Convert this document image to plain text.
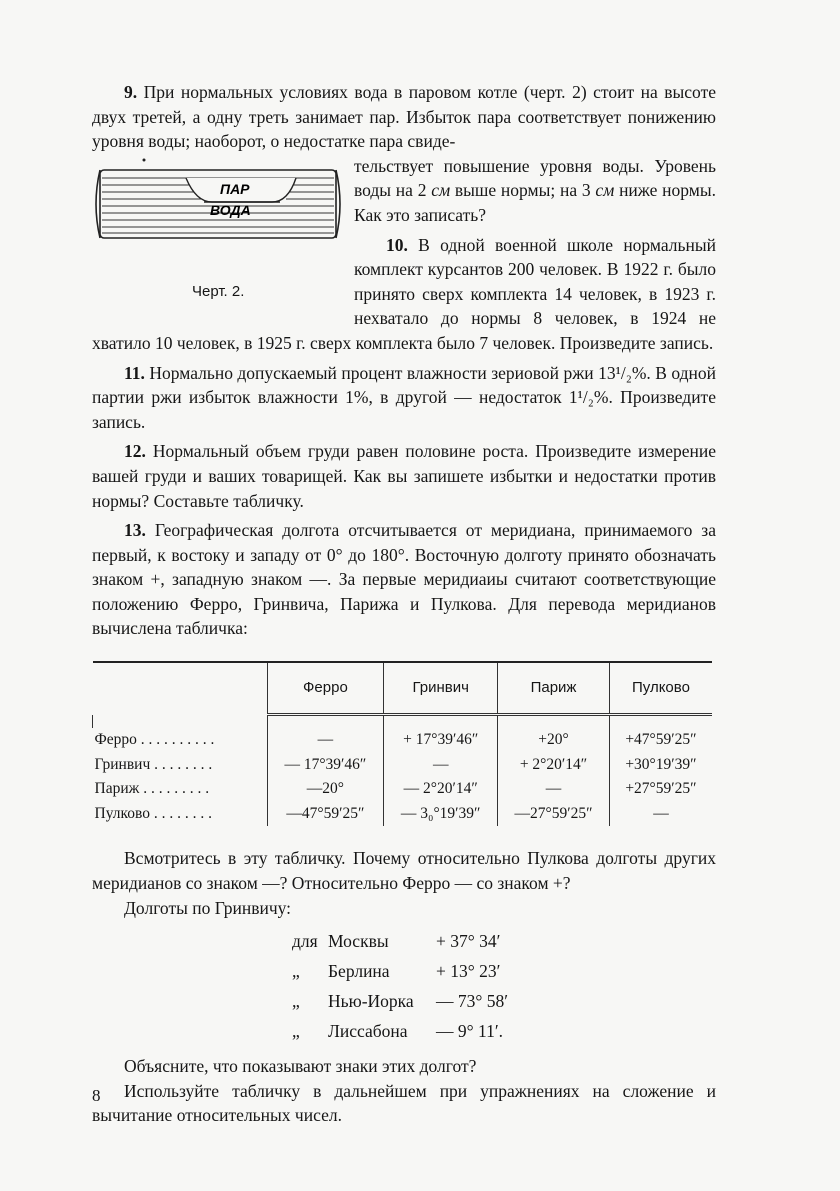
9. При нормальных условиях вода в паровом котле (черт. 2) стоит на высоте двух третей, а одну треть занимает пар. Избыток пара соответствует понижению уровня воды; наоборот, о недостатке пара свиде-

ПАР
ВОДА
Черт. 2.

тельствует повышение уровня воды. Уровень воды на 2 см выше нормы; на 3 см ниже нормы. Как это записать?

10. В одной военной школе нормальный комплект курсантов 200 человек. В 1922 г. было принято сверх комплекта 14 человек, в 1923 г. нехватало до нормы 8 человек, в 1924 не хватило 10 человек, в 1925 г. сверх комплекта было 7 человек. Произведите запись.

11. Нормально допускаемый процент влажности зериовой ржи 13¹/₂%. В одной партии ржи избыток влажности 1%, в другой — недостаток 1¹/₂%. Произведите запись.

12. Нормальный объем груди равен половине роста. Произведите измерение вашей груди и ваших товарищей. Как вы запишете избытки и недостатки против нормы? Составьте табличку.

13. Географическая долгота отсчитывается от меридиана, принимаемого за первый, к востоку и западу от 0° до 180°. Восточную долготу принято обозначать знаком +, западную знаком —. За первые меридиаиы считают соответствующие положению Ферро, Гринвича, Парижа и Пулкова. Для перевода меридианов вычислена табличка:

	Ферро	Гринвич	Париж	Пулково

Ферро . . . . . . . . . .	—	+ 17°39′46″	+20°	+47°59′25″
Гринвич . . . . . . . .	— 17°39′46″	—	+ 2°20′14″	+30°19′39″
Париж . . . . . . . . .	—20°	— 2°20′14″	—	+27°59′25″
Пулково . . . . . . . .	—47°59′25″	— 3₀°19′39″	—27°59′25″	—

Всмотритесь в эту табличку. Почему относительно Пулкова долготы других меридианов со знаком —? Относительно Ферро — со знаком +?

Долготы по Гринвичу:

для Москвы	+ 37° 34′
„	Берлина	+ 13° 23′
„	Нью-Иорка	— 73° 58′
„	Лиссабона	— 9° 11′.

Объясните, что показывают знаки этих долгот?

Используйте табличку в дальнейшем при упражнениях на сложение и вычитание относительных чисел.

8
